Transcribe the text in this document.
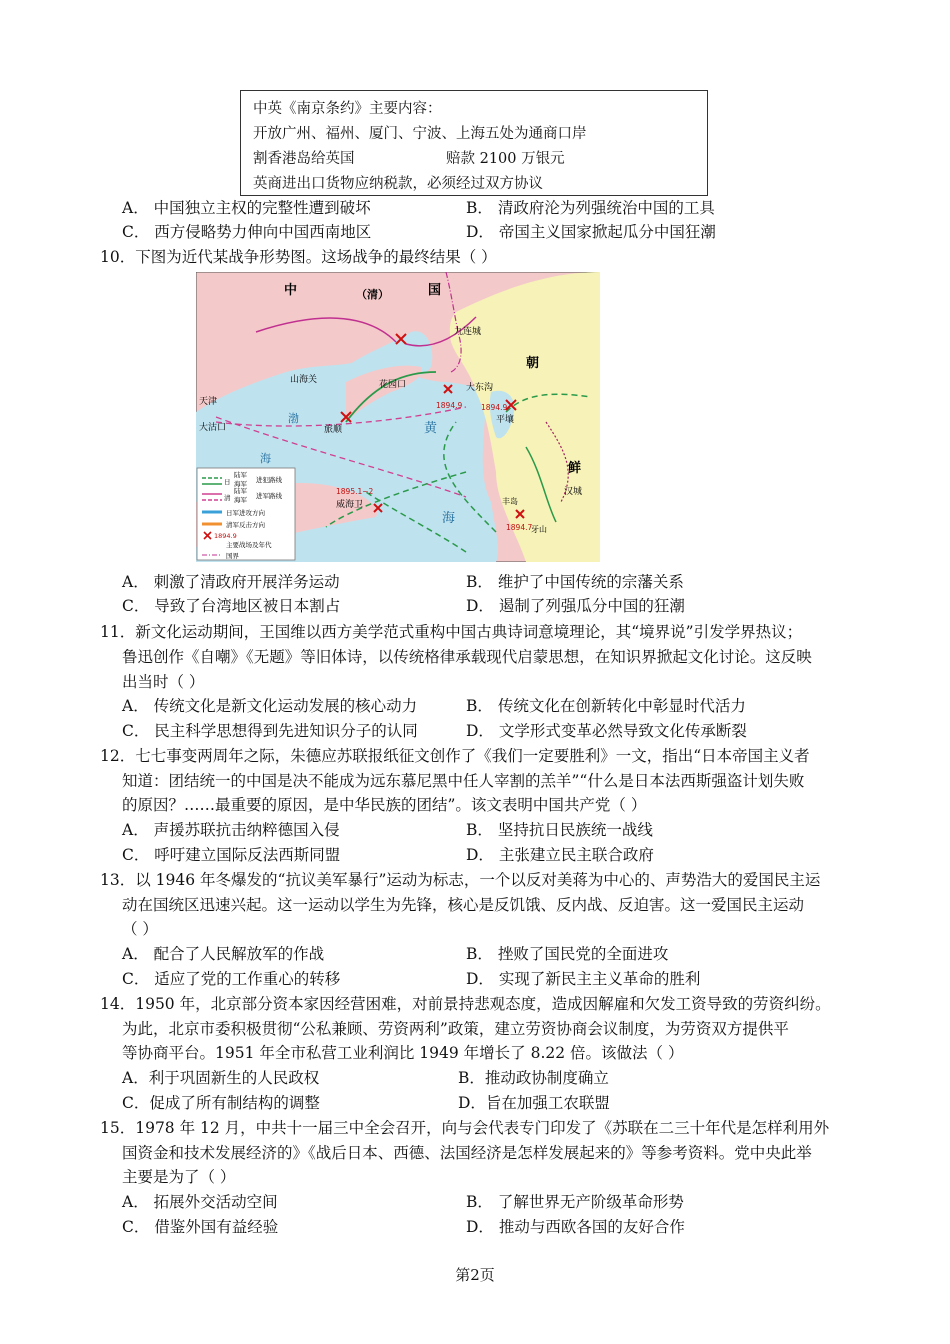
中英《南京条约》主要内容：
开放广州、福州、厦门、宁波、上海五处为通商口岸
割香港岛给英国	赔款 2100 万银元
英商进出口货物应纳税款，必须经过双方协议
A． 中国独立主权的完整性遭到破坏	B． 清政府沦为列强统治中国的工具
C． 西方侵略势力伸向中国西南地区	D． 帝国主义国家掀起瓜分中国狂潮
10．下图为近代某战争形势图。这场战争的最终结果（ ）
中	（清）	国
朝
鲜
山海关
天津
大沽口
花园口
旅顺
渤
海
黄
海
威海卫
九连城
大东沟
平壤
汉城
丰岛
牙山
1894.9	1894.9
1895.1~2
1894.7
日
陆军
海军 进犯路线
清
陆军
海军 进军路线
日军进攻方向
清军反击方向
1894.9
主要战场及年代
国界
A． 刺激了清政府开展洋务运动	B． 维护了中国传统的宗藩关系
C． 导致了台湾地区被日本割占	D． 遏制了列强瓜分中国的狂潮
11．新文化运动期间，王国维以西方美学范式重构中国古典诗词意境理论，其“境界说”引发学界热议；
鲁迅创作《自嘲》《无题》等旧体诗，以传统格律承载现代启蒙思想，在知识界掀起文化讨论。这反映
出当时（ ）
A． 传统文化是新文化运动发展的核心动力	B． 传统文化在创新转化中彰显时代活力
C． 民主科学思想得到先进知识分子的认同	D． 文学形式变革必然导致文化传承断裂
12．七七事变两周年之际，朱德应苏联报纸征文创作了《我们一定要胜利》一文，指出“日本帝国主义者
知道：团结统一的中国是决不能成为远东慕尼黑中任人宰割的羔羊”“什么是日本法西斯强盗计划失败
的原因？……最重要的原因，是中华民族的团结”。该文表明中国共产党（ ）
A． 声援苏联抗击纳粹德国入侵	B． 坚持抗日民族统一战线
C． 呼吁建立国际反法西斯同盟	D． 主张建立民主联合政府
13．以 1946 年冬爆发的“抗议美军暴行”运动为标志，一个以反对美蒋为中心的、声势浩大的爱国民主运
动在国统区迅速兴起。这一运动以学生为先锋，核心是反饥饿、反内战、反迫害。这一爱国民主运动
（ ）
A． 配合了人民解放军的作战	B． 挫败了国民党的全面进攻
C． 适应了党的工作重心的转移	D． 实现了新民主主义革命的胜利
14．1950 年，北京部分资本家因经营困难，对前景持悲观态度，造成因解雇和欠发工资导致的劳资纠纷。
为此，北京市委积极贯彻“公私兼顾、劳资两利”政策，建立劳资协商会议制度，为劳资双方提供平
等协商平台。1951 年全市私营工业利润比 1949 年增长了 8.22 倍。该做法（ ）
A．利于巩固新生的人民政权	B．推动政协制度确立
C．促成了所有制结构的调整	D．旨在加强工农联盟
15．1978 年 12 月，中共十一届三中全会召开，向与会代表专门印发了《苏联在二三十年代是怎样利用外
国资金和技术发展经济的》《战后日本、西德、法国经济是怎样发展起来的》等参考资料。党中央此举
主要是为了（ ）
A． 拓展外交活动空间	B． 了解世界无产阶级革命形势
C． 借鉴外国有益经验	D． 推动与西欧各国的友好合作
第2页
